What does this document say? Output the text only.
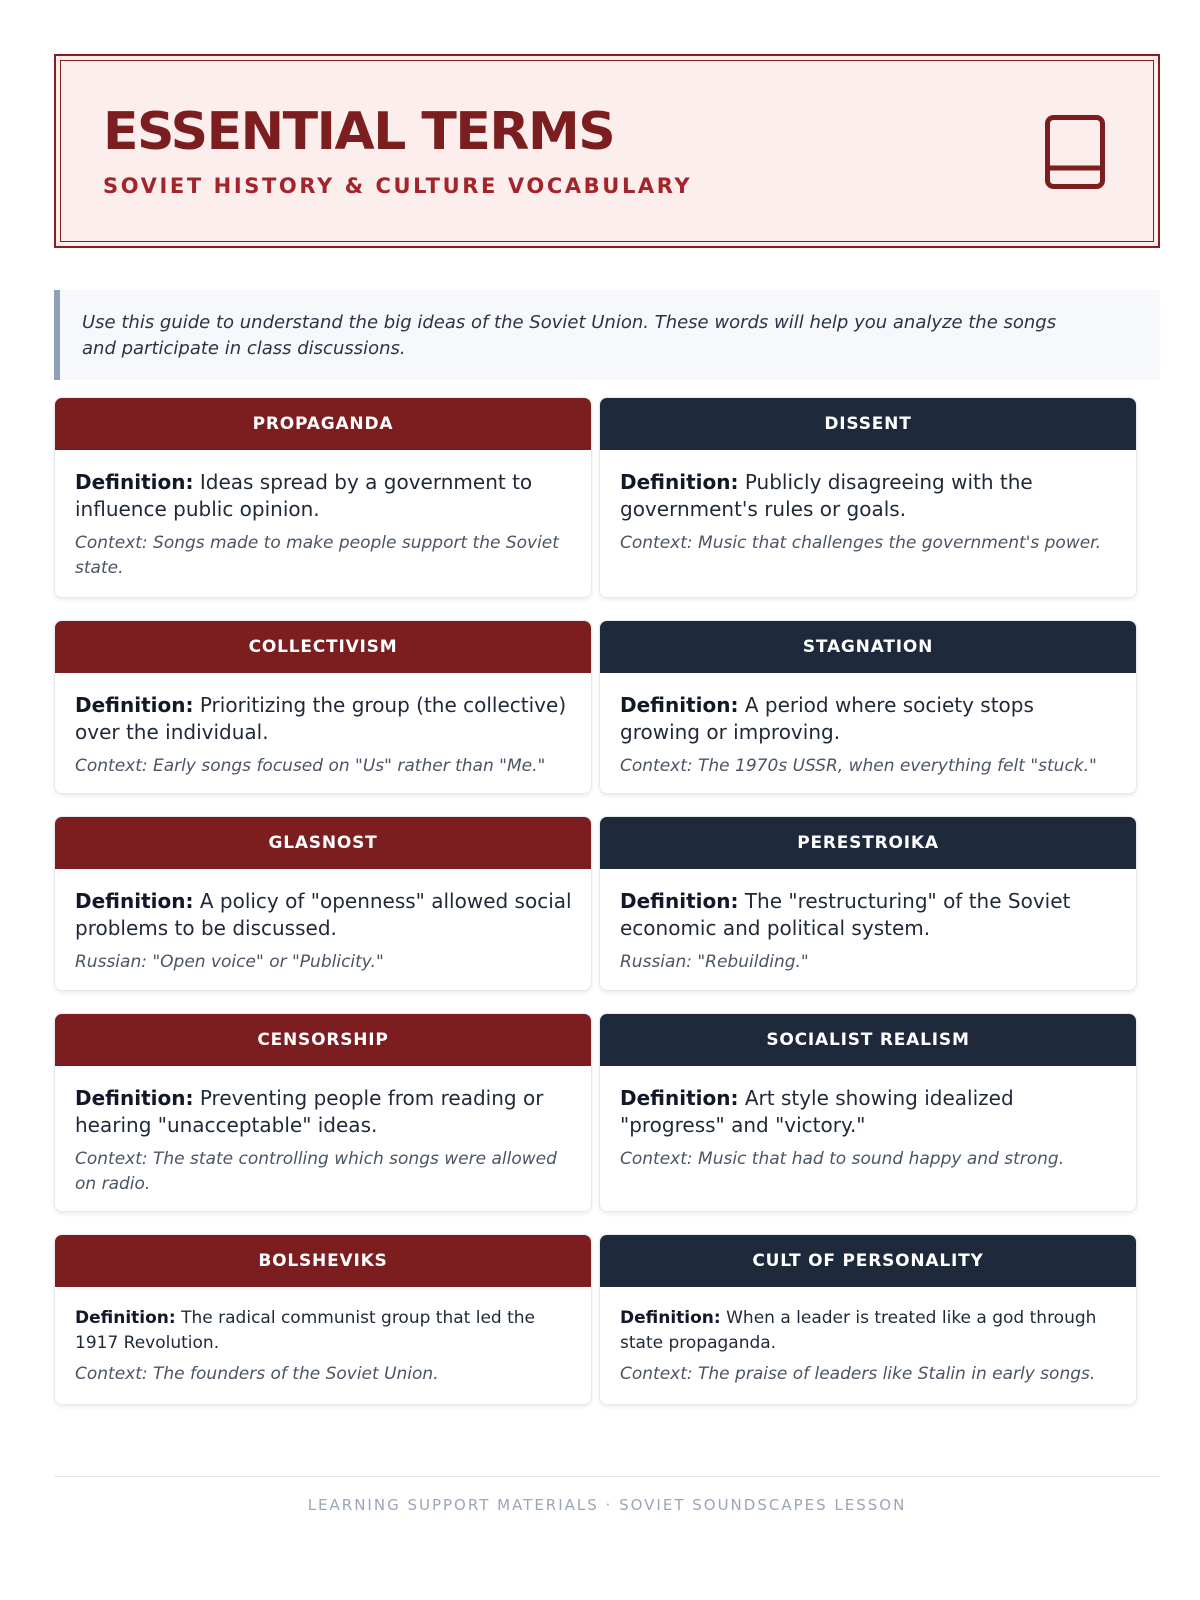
ESSENTIAL TERMS
SOVIET HISTORY & CULTURE VOCABULARY
Use this guide to understand the big ideas of the Soviet Union. These words will help you analyze the songs and participate in class discussions.
PROPAGANDA

Definition: Ideas spread by a government to influence public opinion.

Context: Songs made to make people support the Soviet state.

DISSENT

Definition: Publicly disagreeing with the government's rules or goals.

Context: Music that challenges the government's power.

COLLECTIVISM

Definition: Prioritizing the group (the collective) over the individual.

Context: Early songs focused on "Us" rather than "Me."

STAGNATION

Definition: A period where society stops growing or improving.

Context: The 1970s USSR, when everything felt "stuck."

GLASNOST

Definition: A policy of "openness" allowed social problems to be discussed.

Russian: "Open voice" or "Publicity."

PERESTROIKA

Definition: The "restructuring" of the Soviet economic and political system.

Russian: "Rebuilding."

CENSORSHIP

Definition: Preventing people from reading or hearing "unacceptable" ideas.

Context: The state controlling which songs were allowed on radio.

SOCIALIST REALISM

Definition: Art style showing idealized "progress" and "victory."

Context: Music that had to sound happy and strong.

BOLSHEVIKS

Definition: The radical communist group that led the 1917 Revolution.

Context: The founders of the Soviet Union.

CULT OF PERSONALITY

Definition: When a leader is treated like a god through state propaganda.

Context: The praise of leaders like Stalin in early songs.

LEARNING SUPPORT MATERIALS · SOVIET SOUNDSCAPES LESSON
